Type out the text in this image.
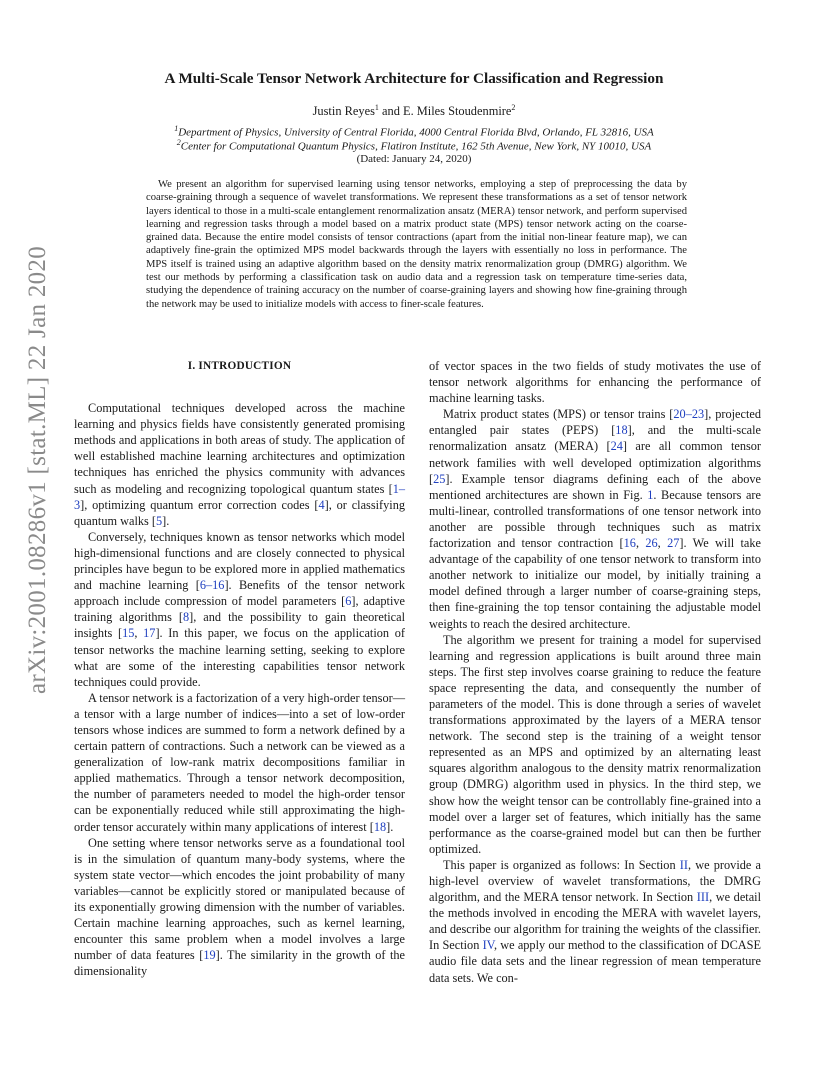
arXiv:2001.08286v1 [stat.ML] 22 Jan 2020
A Multi-Scale Tensor Network Architecture for Classification and Regression
Justin Reyes$^1$ and E. Miles Stoudenmire$^2$
$^1$Department of Physics, University of Central Florida, 4000 Central Florida Blvd, Orlando, FL 32816, USA
$^2$Center for Computational Quantum Physics, Flatiron Institute, 162 5th Avenue, New York, NY 10010, USA
(Dated: January 24, 2020)

We present an algorithm for supervised learning using tensor networks, employing a step of preprocessing the data by coarse-graining through a sequence of wavelet transformations. We represent these transformations as a set of tensor network layers identical to those in a multi-scale entanglement renormalization ansatz (MERA) tensor network, and perform supervised learning and regression tasks through a model based on a matrix product state (MPS) tensor network acting on the coarse-grained data. Because the entire model consists of tensor contractions (apart from the initial non-linear feature map), we can adaptively fine-grain the optimized MPS model backwards through the layers with essentially no loss in performance. The MPS itself is trained using an adaptive algorithm based on the density matrix renormalization group (DMRG) algorithm. We test our methods by performing a classification task on audio data and a regression task on temperature time-series data, studying the dependence of training accuracy on the number of coarse-graining layers and showing how fine-graining through the network may be used to initialize models with access to finer-scale features.

I. INTRODUCTION

Computational techniques developed across the machine learning and physics fields have consistently generated promising methods and applications in both areas of study. The application of well established machine learning architectures and optimization techniques has enriched the physics community with advances such as modeling and recognizing topological quantum states [1–3], optimizing quantum error correction codes [4], or classifying quantum walks [5].

Conversely, techniques known as tensor networks which model high-dimensional functions and are closely connected to physical principles have begun to be explored more in applied mathematics and machine learning [6–16]. Benefits of the tensor network approach include compression of model parameters [6], adaptive training algorithms [8], and the possibility to gain theoretical insights [15, 17]. In this paper, we focus on the application of tensor networks the machine learning setting, seeking to explore what are some of the interesting capabilities tensor network techniques could provide.

A tensor network is a factorization of a very high-order tensor—a tensor with a large number of indices—into a set of low-order tensors whose indices are summed to form a network defined by a certain pattern of contractions. Such a network can be viewed as a generalization of low-rank matrix decompositions familiar in applied mathematics. Through a tensor network decomposition, the number of parameters needed to model the high-order tensor can be exponentially reduced while still approximating the high-order tensor accurately within many applications of interest [18].

One setting where tensor networks serve as a foundational tool is in the simulation of quantum many-body systems, where the system state vector—which encodes the joint probability of many variables—cannot be explicitly stored or manipulated because of its exponentially growing dimension with the number of variables. Certain machine learning approaches, such as kernel learning, encounter this same problem when a model involves a large number of data features [19]. The similarity in the growth of the dimensionality

of vector spaces in the two fields of study motivates the use of tensor network algorithms for enhancing the performance of machine learning tasks.

Matrix product states (MPS) or tensor trains [20–23], projected entangled pair states (PEPS) [18], and the multi-scale renormalization ansatz (MERA) [24] are all common tensor network families with well developed optimization algorithms [25]. Example tensor diagrams defining each of the above mentioned architectures are shown in Fig. 1. Because tensors are multi-linear, controlled transformations of one tensor network into another are possible through techniques such as matrix factorization and tensor contraction [16, 26, 27]. We will take advantage of the capability of one tensor network to transform into another network to initialize our model, by initially training a model defined through a larger number of coarse-graining steps, then fine-graining the top tensor containing the adjustable model weights to reach the desired architecture.

The algorithm we present for training a model for supervised learning and regression applications is built around three main steps. The first step involves coarse graining to reduce the feature space representing the data, and consequently the number of parameters of the model. This is done through a series of wavelet transformations approximated by the layers of a MERA tensor network. The second step is the training of a weight tensor represented as an MPS and optimized by an alternating least squares algorithm analogous to the density matrix renormalization group (DMRG) algorithm used in physics. In the third step, we show how the weight tensor can be controllably fine-grained into a model over a larger set of features, which initially has the same performance as the coarse-grained model but can then be further optimized.

This paper is organized as follows: In Section II, we provide a high-level overview of wavelet transformations, the DMRG algorithm, and the MERA tensor network. In Section III, we detail the methods involved in encoding the MERA with wavelet layers, and describe our algorithm for training the weights of the classifier. In Section IV, we apply our method to the classification of DCASE audio file data sets and the linear regression of mean temperature data sets. We con-
